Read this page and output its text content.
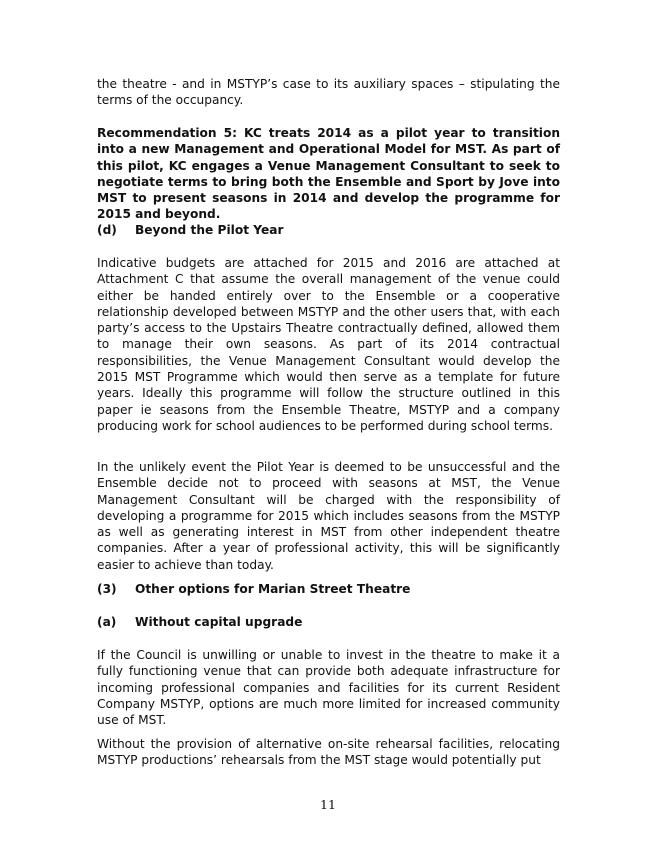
the theatre - and in MSTYP’s case to its auxiliary spaces – stipulating the terms of the occupancy.

Recommendation 5: KC treats 2014 as a pilot year to transition into a new Management and Operational Model for MST. As part of this pilot, KC engages a Venue Management Consultant to seek to negotiate terms to bring both the Ensemble and Sport by Jove into MST to present seasons in 2014 and develop the programme for 2015 and beyond.

(d) Beyond the Pilot Year

Indicative budgets are attached for 2015 and 2016 are attached at Attachment C that assume the overall management of the venue could either be handed entirely over to the Ensemble or a cooperative relationship developed between MSTYP and the other users that, with each party’s access to the Upstairs Theatre contractually defined, allowed them to manage their own seasons. As part of its 2014 contractual responsibilities, the Venue Management Consultant would develop the 2015 MST Programme which would then serve as a template for future years. Ideally this programme will follow the structure outlined in this paper ie seasons from the Ensemble Theatre, MSTYP and a company producing work for school audiences to be performed during school terms.

In the unlikely event the Pilot Year is deemed to be unsuccessful and the Ensemble decide not to proceed with seasons at MST, the Venue Management Consultant will be charged with the responsibility of developing a programme for 2015 which includes seasons from the MSTYP as well as generating interest in MST from other independent theatre companies. After a year of professional activity, this will be significantly easier to achieve than today.

(3) Other options for Marian Street Theatre
(a) Without capital upgrade

If the Council is unwilling or unable to invest in the theatre to make it a fully functioning venue that can provide both adequate infrastructure for incoming professional companies and facilities for its current Resident Company MSTYP, options are much more limited for increased community use of MST.

Without the provision of alternative on-site rehearsal facilities, relocating MSTYP productions’ rehearsals from the MST stage would potentially put

11
